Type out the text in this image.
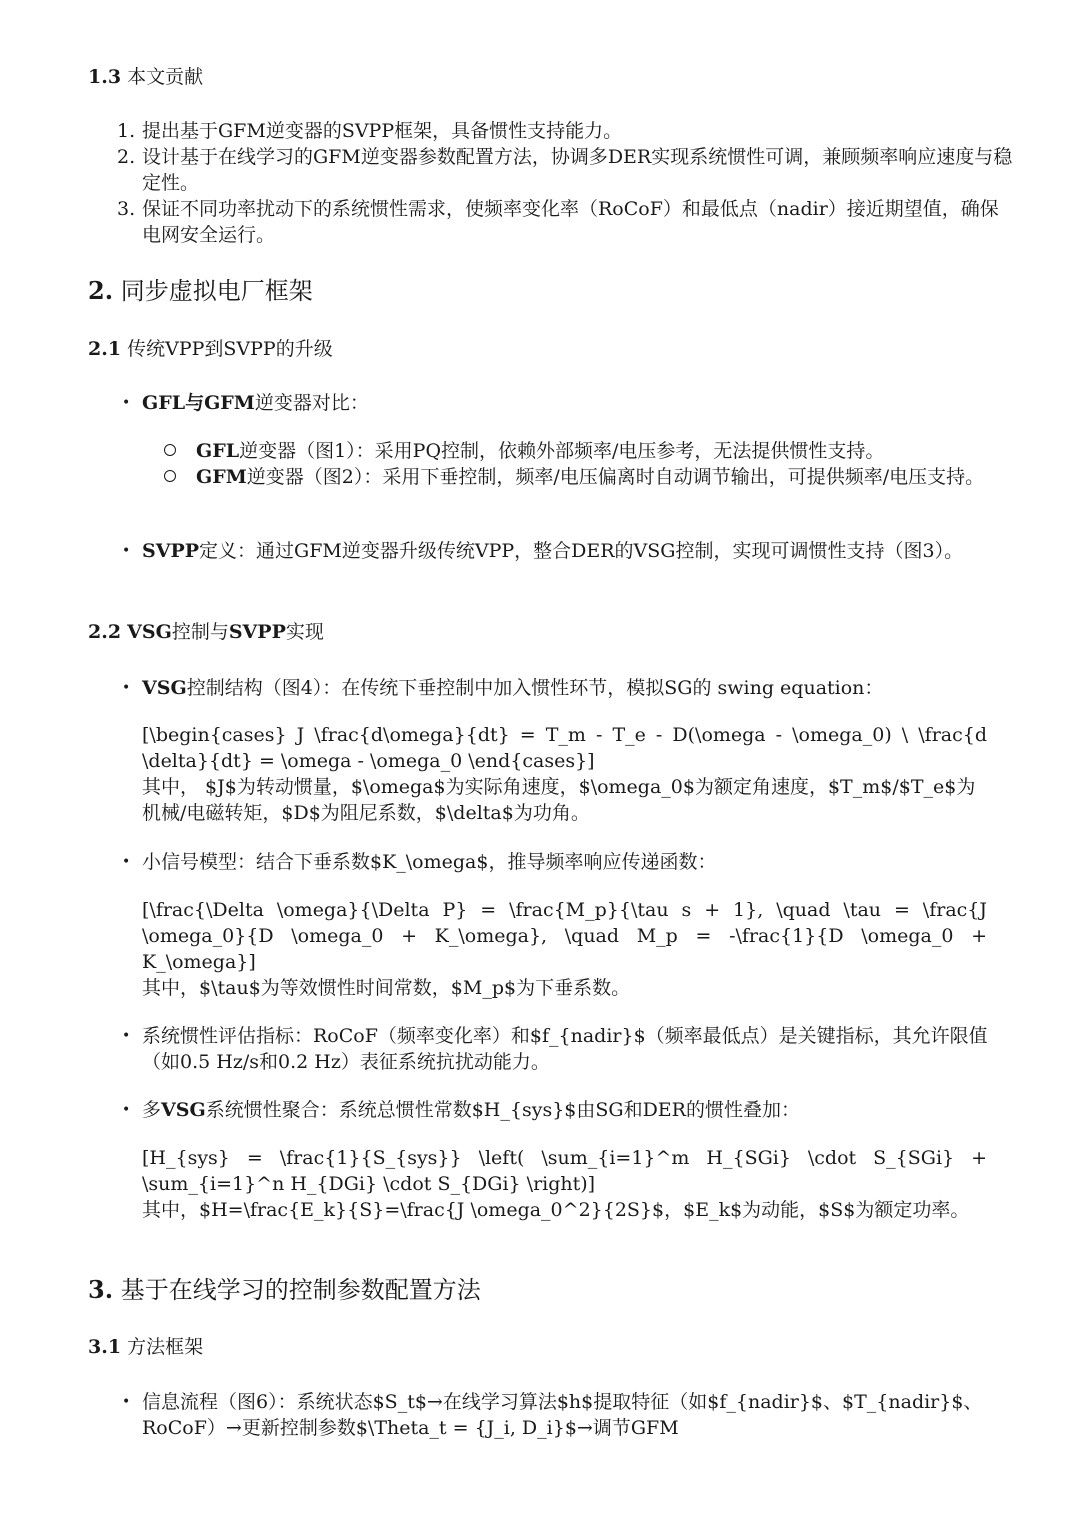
1.3 本文贡献
1. 提出基于GFM逆变器的SVPP框架，具备惯性支持能力。
2. 设计基于在线学习的GFM逆变器参数配置方法，协调多DER实现系统惯性可调，兼顾频率响应速度与稳定性。
3. 保证不同功率扰动下的系统惯性需求，使频率变化率（RoCoF）和最低点（nadir）接近期望值，确保电网安全运行。
2. 同步虚拟电厂框架
2.1 传统VPP到SVPP的升级
• GFL与GFM逆变器对比：
GFL逆变器（图1）：采用PQ控制，依赖外部频率/电压参考，无法提供惯性支持。
GFM逆变器（图2）：采用下垂控制，频率/电压偏离时自动调节输出，可提供频率/电压支持。
• SVPP定义：通过GFM逆变器升级传统VPP，整合DER的VSG控制，实现可调惯性支持（图3）。
2.2 VSG控制与SVPP实现
• VSG控制结构（图4）：在传统下垂控制中加入惯性环节，模拟SG的 swing equation：
[\begin{cases} J \frac{d\omega}{dt} = T_m - T_e - D(\omega - \omega_0) \ \frac{d \delta}{dt} = \omega - \omega_0 \end{cases}]
其中， $J$为转动惯量，$\omega$为实际角速度，$\omega_0$为额定角速度，$T_m$/$T_e$为机械/电磁转矩，$D$为阻尼系数，$\delta$为功角。
• 小信号模型：结合下垂系数$K_\omega$，推导频率响应传递函数：
[\frac{\Delta \omega}{\Delta P} = \frac{M_p}{\tau s + 1}, \quad \tau = \frac{J \omega_0}{D \omega_0 + K_\omega}, \quad M_p = -\frac{1}{D \omega_0 + K_\omega}]
其中，$\tau$为等效惯性时间常数，$M_p$为下垂系数。
• 系统惯性评估指标：RoCoF（频率变化率）和$f_{nadir}$（频率最低点）是关键指标，其允许限值（如0.5 Hz/s和0.2 Hz）表征系统抗扰动能力。
• 多VSG系统惯性聚合：系统总惯性常数$H_{sys}$由SG和DER的惯性叠加：
[H_{sys} = \frac{1}{S_{sys}} \left( \sum_{i=1}^m H_{SGi} \cdot S_{SGi} + \sum_{i=1}^n H_{DGi} \cdot S_{DGi} \right)]
其中，$H=\frac{E_k}{S}=\frac{J \omega_0^2}{2S}$，$E_k$为动能，$S$为额定功率。
3. 基于在线学习的控制参数配置方法
3.1 方法框架
• 信息流程（图6）：系统状态$S_t$→在线学习算法$h$提取特征（如$f_{nadir}$、$T_{nadir}$、RoCoF）→更新控制参数$\Theta_t = {J_i, D_i}$→调节GFM
